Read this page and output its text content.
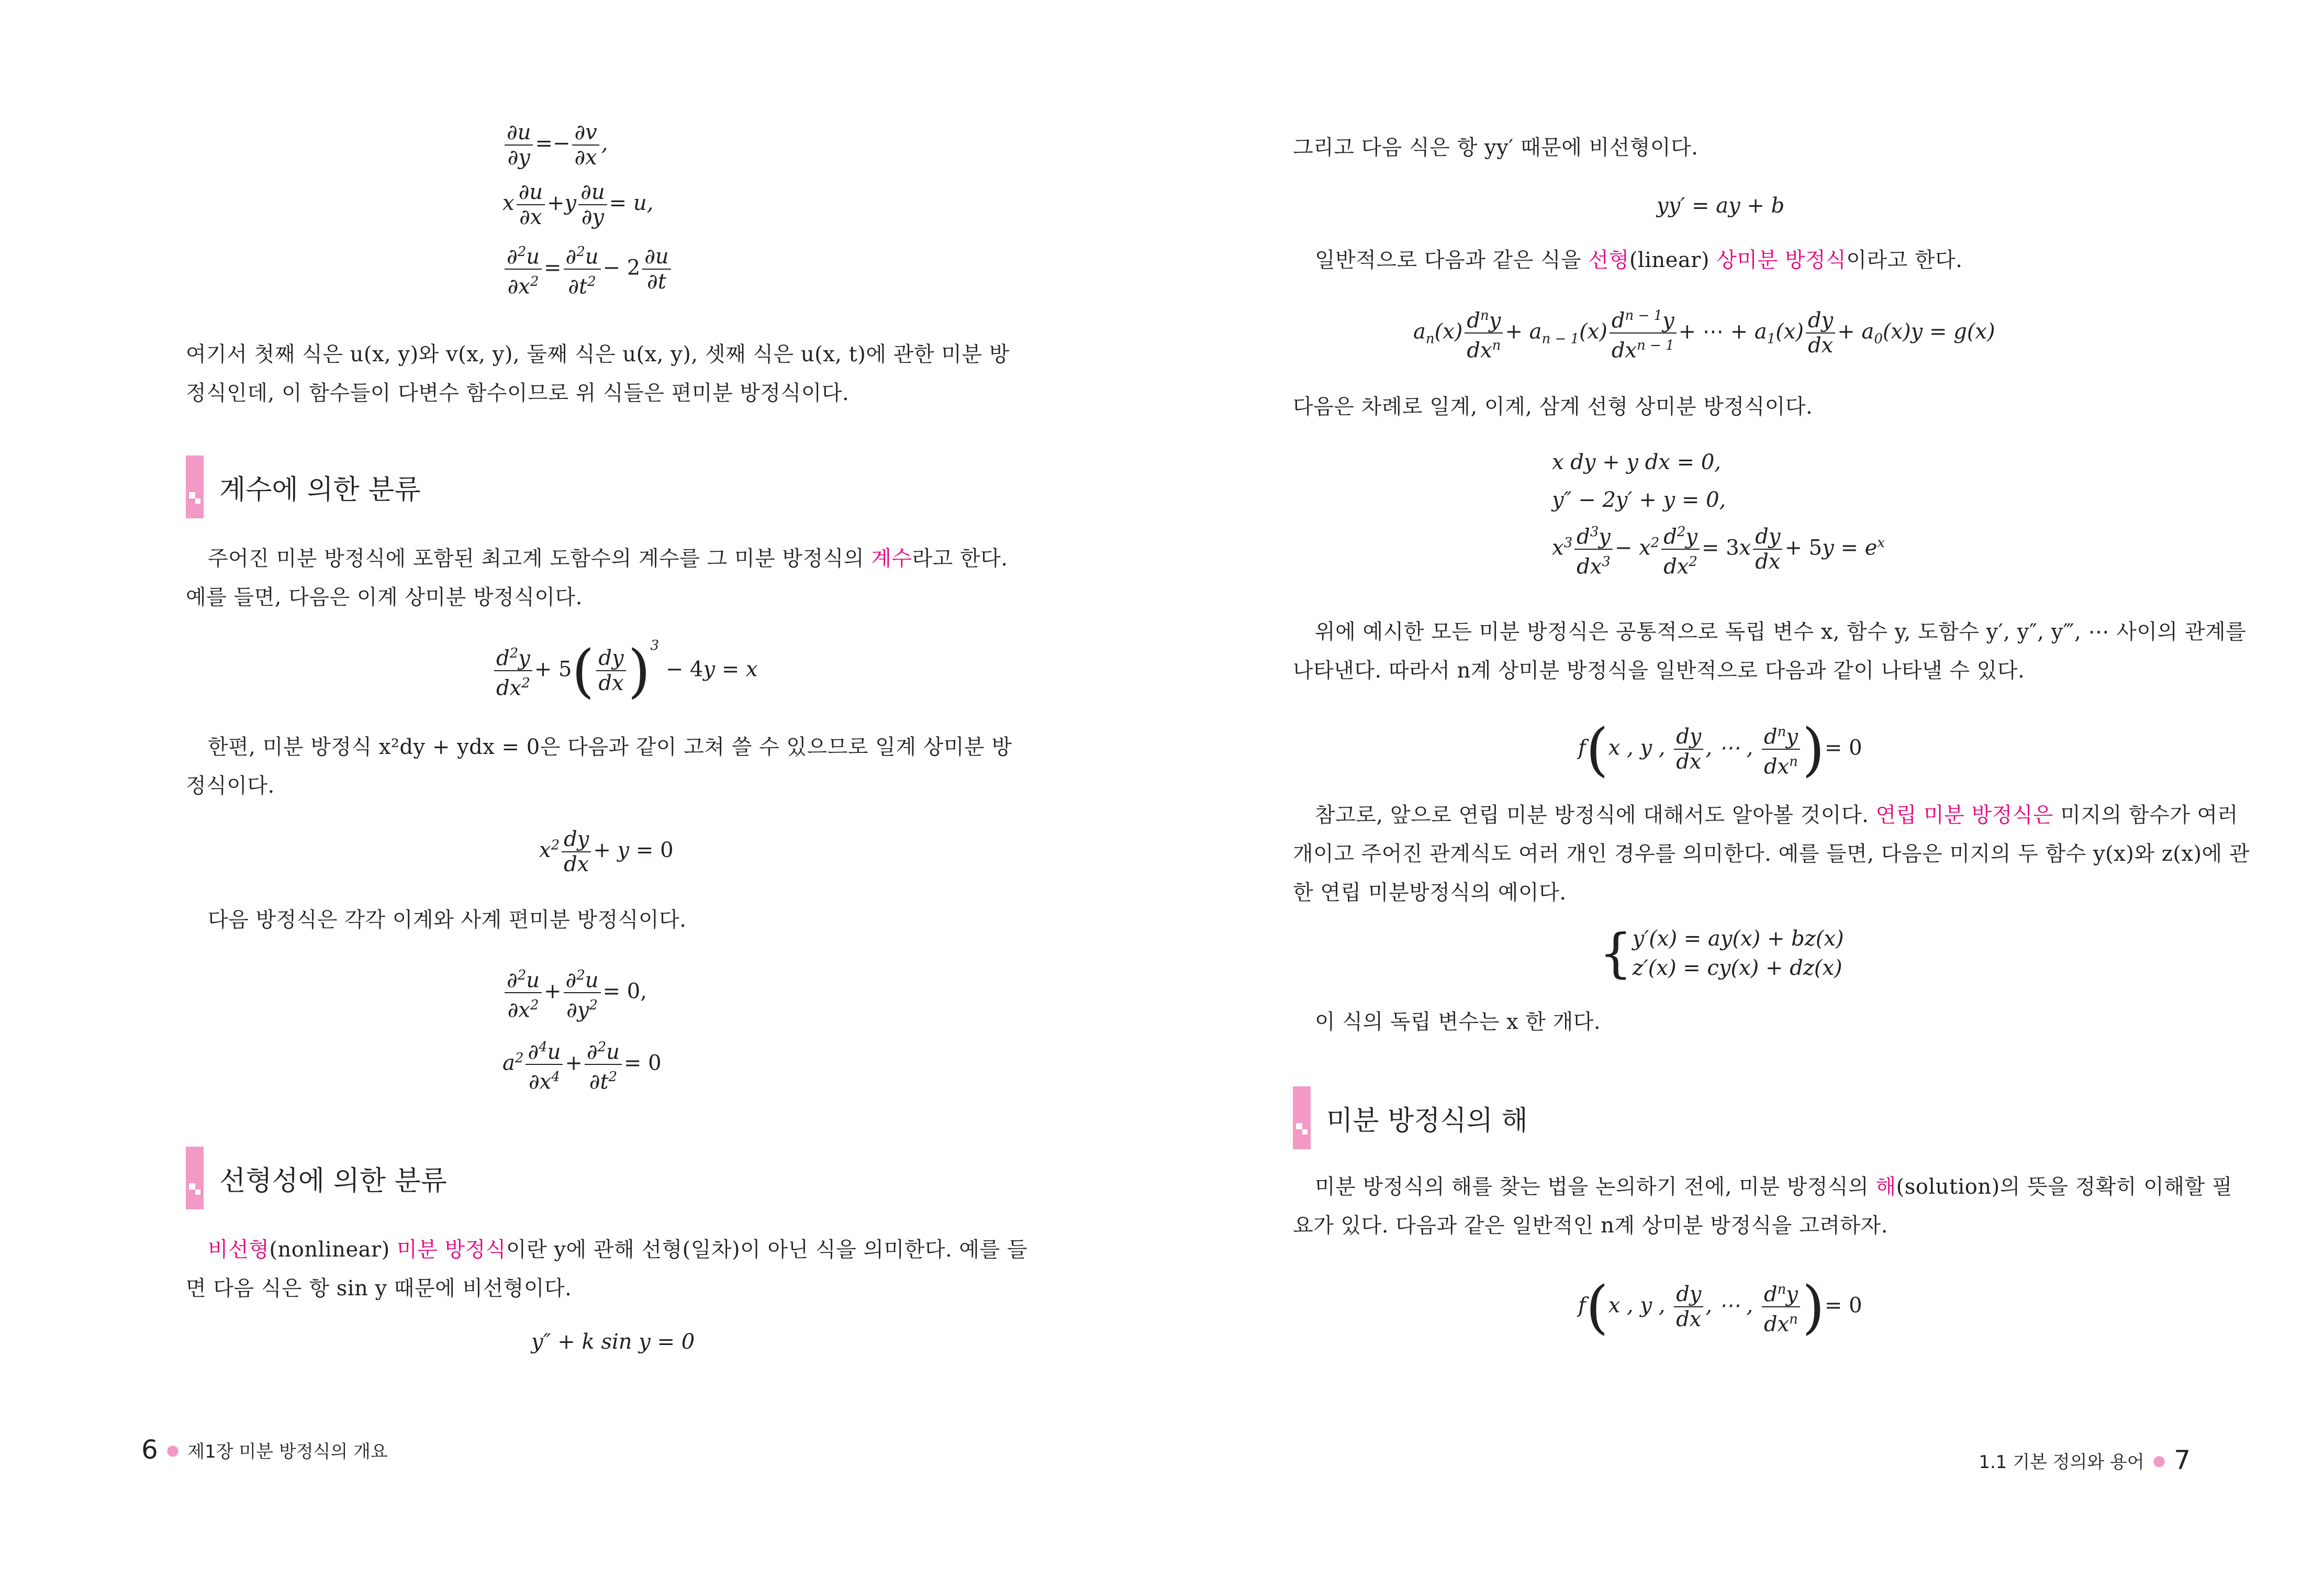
$\frac{\partial u}{\partial y} =- \frac{\partial v}{\partial x}$ ,
x $\frac{\partial u}{\partial x} +y \frac{\partial u}{\partial y} = u$,
$\frac{\partial^2u}{\partial x^2} = \frac{\partial^2u}{\partial t^2} - 2 \frac{\partial u}{\partial t}$

여기서 첫째 식은 u(x, y)와 v(x, y), 둘째 식은 u(x, y), 셋째 식은 u(x, t)에 관한 미분 방정식인데, 이 함수들이 다변수 함수이므로 위 식들은 편미분 방정식이다.

계수에 의한 분류

주어진 미분 방정식에 포함된 최고계 도함수의 계수를 그 미분 방정식의 계수라고 한다. 예를 들면, 다음은 이계 상미분 방정식이다.

$\frac{d^2y}{dx^2} + 5( \frac{dy}{dx} )^3 - 4y = x$

한편, 미분 방정식 x²dy + ydx = 0은 다음과 같이 고쳐 쓸 수 있으므로 일계 상미분 방정식이다.

$x^2 \frac{dy}{dx} + y = 0$

다음 방정식은 각각 이계와 사계 편미분 방정식이다.

$\frac{\partial^2u}{\partial x^2} + \frac{\partial^2u}{\partial y^2} = 0$,
$a^2 \frac{\partial^4u}{\partial x^4} + \frac{\partial^2u}{\partial t^2} = 0$
선형성에 의한 분류

비선형(nonlinear) 미분 방정식이란 y에 관해 선형(일차)이 아닌 식을 의미한다. 예를 들면 다음 식은 항 sin y 때문에 비선형이다.

y″ + k sin y = 0
6 ● 제1장 미분 방정식의 개요

그리고 다음 식은 항 yy′ 때문에 비선형이다.

yy′ = ay + b

일반적으로 다음과 같은 식을 선형(linear) 상미분 방정식이라고 한다.

$a_n(x)$ $d^ny$
$dx^n$
+ $a_{n - 1}(x)$ $d^{n - 1}y$
$dx^{n - 1}$
+ ⋯ + $a_1(x) \frac{dy}{dx} + a_0(x)y = g(x)$

다음은 차례로 일계, 이계, 삼계 선형 상미분 방정식이다.

x dy + y dx = 0,
y″ − 2y′ + y = 0,
$x^3 \frac{d^3y}{dx^3} - x^2 \frac{d^2y}{dx^2} = 3x \frac{dy}{dx} + 5y = e^x$

위에 예시한 모든 미분 방정식은 공통적으로 독립 변수 x, 함수 y, 도함수 y′, y″, y‴, ⋯ 사이의 관계를 나타낸다. 따라서 n계 상미분 방정식을 일반적으로 다음과 같이 나타낼 수 있다.

f(x , y , $\frac{dy}{dx}$ , ⋯ , $d^ny$
$dx^n$ )= 0

참고로, 앞으로 연립 미분 방정식에 대해서도 알아볼 것이다. 연립 미분 방정식은 미지의 함수가 여러 개이고 주어진 관계식도 여러 개인 경우를 의미한다. 예를 들면, 다음은 미지의 두 함수 y(x)와 z(x)에 관한 연립 미분방정식의 예이다.

{ y′(x) = ay(x) + bz(x)
z′(x) = cy(x) + dz(x)

이 식의 독립 변수는 x 한 개다.

미분 방정식의 해

미분 방정식의 해를 찾는 법을 논의하기 전에, 미분 방정식의 해(solution)의 뜻을 정확히 이해할 필요가 있다. 다음과 같은 일반적인 n계 상미분 방정식을 고려하자.

f(x , y , $\frac{dy}{dx}$ , ⋯ , $d^ny$
$dx^n$ )= 0
1.1 기본 정의와 용어 ● 7
